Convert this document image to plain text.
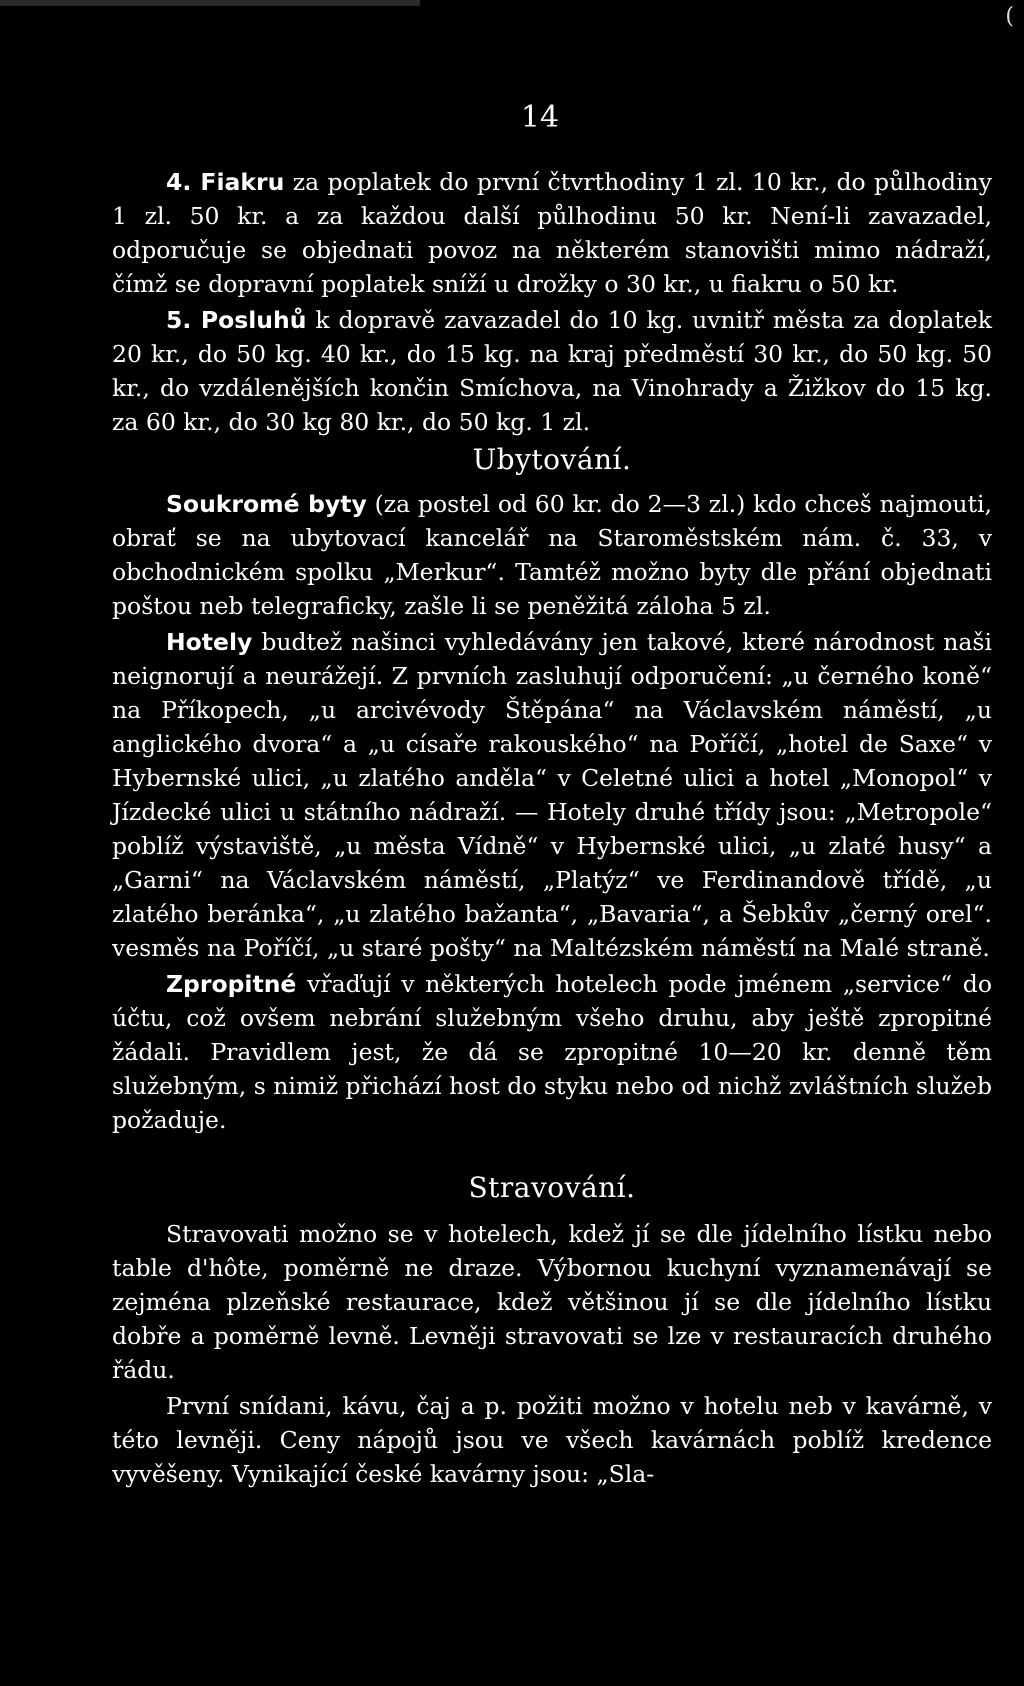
(
14

4. Fiakru za poplatek do první čtvrthodiny 1 zl. 10 kr., do půlhodiny 1 zl. 50 kr. a za každou další půlhodinu 50 kr. Není-li zavazadel, odporučuje se objednati povoz na některém stanovišti mimo nádraží, čímž se dopravní poplatek sníží u drožky o 30 kr., u fiakru o 50 kr.

5. Posluhů k dopravě zavazadel do 10 kg. uvnitř města za doplatek 20 kr., do 50 kg. 40 kr., do 15 kg. na kraj předměstí 30 kr., do 50 kg. 50 kr., do vzdálenějších končin Smíchova, na Vinohrady a Žižkov do 15 kg. za 60 kr., do 30 kg 80 kr., do 50 kg. 1 zl.

Ubytování.

Soukromé byty (za postel od 60 kr. do 2—3 zl.) kdo chceš najmouti, obrať se na ubytovací kancelář na Staroměstském nám. č. 33, v obchodnickém spolku „Merkur“. Tamtéž možno byty dle přání objednati poštou neb telegraficky, zašle li se peněžitá záloha 5 zl.

Hotely budtež našinci vyhledávány jen takové, které národnost naši neignorují a neurážejí. Z prvních zasluhují odporučení: „u černého koně“ na Příkopech, „u arcivévody Štěpána“ na Václavském náměstí, „u anglického dvora“ a „u císaře rakouského“ na Poříčí, „hotel de Saxe“ v Hybernské ulici, „u zlatého anděla“ v Celetné ulici a hotel „Monopol“ v Jízdecké ulici u státního nádraží. — Hotely druhé třídy jsou: „Metropole“ poblíž výstaviště, „u města Vídně“ v Hybernské ulici, „u zlaté husy“ a „Garni“ na Václavském náměstí, „Platýz“ ve Ferdinandově třídě, „u zlatého beránka“, „u zlatého bažanta“, „Bavaria“, a Šebkův „černý orel“. vesměs na Poříčí, „u staré pošty“ na Maltézském náměstí na Malé straně.

Zpropitné vřaďují v některých hotelech pode jménem „service“ do účtu, což ovšem nebrání služebným všeho druhu, aby ještě zpropitné žádali. Pravidlem jest, že dá se zpropitné 10—20 kr. denně těm služebným, s nimiž přichází host do styku nebo od nichž zvláštních služeb požaduje.

Stravování.

Stravovati možno se v hotelech, kdež jí se dle jídelního lístku nebo table d'hôte, poměrně ne draze. Výbornou kuchyní vyznamenávají se zejména plzeňské restaurace, kdež většinou jí se dle jídelního lístku dobře a poměrně levně. Levněji stravovati se lze v restauracích druhého řádu.

První snídani, kávu, čaj a p. požiti možno v hotelu neb v kavárně, v této levněji. Ceny nápojů jsou ve všech kavárnách poblíž kredence vyvěšeny. Vynikající české kavárny jsou: „Sla-
